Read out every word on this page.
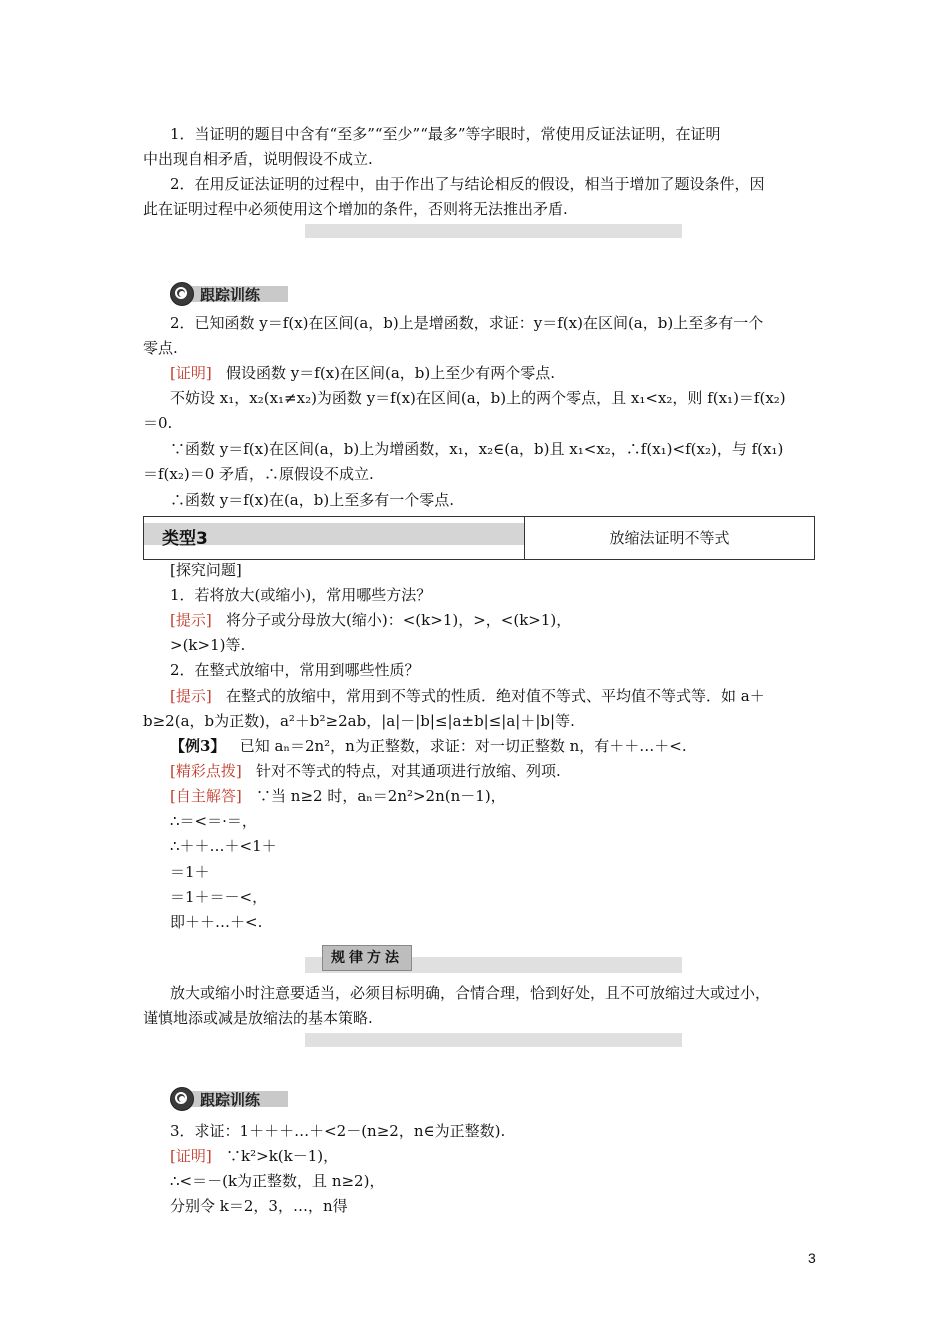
1．当证明的题目中含有“至多”“至少”“最多”等字眼时，常使用反证法证明，在证明
中出现自相矛盾，说明假设不成立.
2．在用反证法证明的过程中，由于作出了与结论相反的假设，相当于增加了题设条件，因
此在证明过程中必须使用这个增加的条件，否则将无法推出矛盾.
跟踪训练
2．已知函数 y＝f(x)在区间(a，b)上是增函数，求证：y＝f(x)在区间(a，b)上至多有一个
零点.
[证明] 假设函数 y＝f(x)在区间(a，b)上至少有两个零点.
不妨设 x₁，x₂(x₁≠x₂)为函数 y＝f(x)在区间(a，b)上的两个零点，且 x₁<x₂，则 f(x₁)＝f(x₂)
＝0.
∵函数 y＝f(x)在区间(a，b)上为增函数，x₁，x₂∈(a，b)且 x₁<x₂，∴f(x₁)<f(x₂)，与 f(x₁)
＝f(x₂)＝0 矛盾，∴原假设不成立.
∴函数 y＝f(x)在(a，b)上至多有一个零点.
类型3	放缩法证明不等式
[探究问题]
1．若将放大(或缩小)，常用哪些方法？
[提示] 将分子或分母放大(缩小)：<(k>1)，>，<(k>1)，
>(k>1)等.
2．在整式放缩中，常用到哪些性质？
[提示] 在整式的放缩中，常用到不等式的性质．绝对值不等式、平均值不等式等．如 a＋
b≥2(a，b为正数)，a²＋b²≥2ab，|a|－|b|≤|a±b|≤|a|＋|b|等.
【例3】 已知 aₙ＝2n²，n为正整数，求证：对一切正整数 n，有＋＋…＋<.
[精彩点拨] 针对不等式的特点，对其通项进行放缩、列项.
[自主解答] ∵当 n≥2 时，aₙ＝2n²>2n(n－1)，
∴＝<＝·＝，
∴＋＋…＋<1＋
＝1＋
＝1＋＝－<，
即＋＋…＋<.
规律方法
放大或缩小时注意要适当，必须目标明确，合情合理，恰到好处，且不可放缩过大或过小，
谨慎地添或减是放缩法的基本策略.
跟踪训练
3．求证：1＋＋＋…＋<2－(n≥2，n∈为正整数).
[证明] ∵k²>k(k－1)，
∴<＝－(k为正整数，且 n≥2)，
分别令 k＝2，3，…，n得
3
